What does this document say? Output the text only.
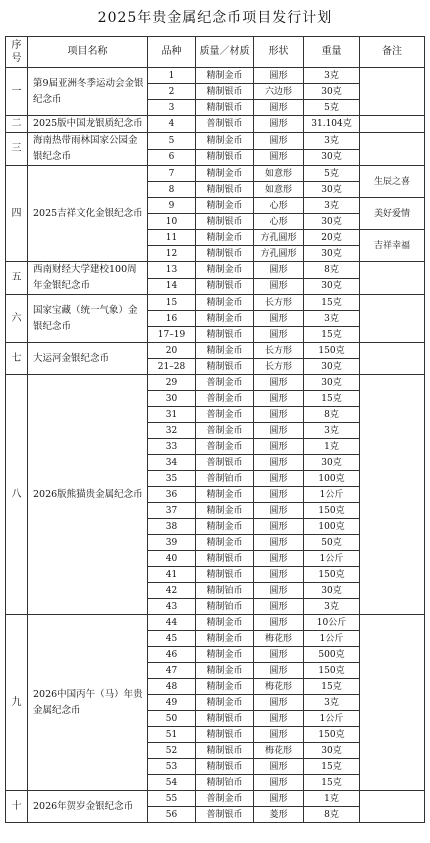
2025年贵金属纪念币项目发行计划
序号	项目名称	品种	质量／材质	形状	重量	备注
一	第9届亚洲冬季运动会金银纪念币	1	精制金币	圆形	3克	
		2	精制银币	六边形	30克	
		3	精制银币	圆形	5克	
二	2025版中国龙银质纪念币	4	普制银币	圆形	31.104克	
三	海南热带雨林国家公园金银纪念币	5	精制金币	圆形	3克	
		6	精制银币	圆形	30克	
四	2025吉祥文化金银纪念币	7	精制金币	如意形	5克	生辰之喜
		8	精制银币	如意形	30克	
		9	精制金币	心形	3克	美好爱情
		10	精制银币	心形	30克	
		11	精制金币	方孔圆形	20克	吉祥幸福
		12	精制银币	方孔圆形	30克	
五	西南财经大学建校100周年金银纪念币	13	精制金币	圆形	8克	
		14	精制银币	圆形	30克	
六	国家宝藏（统一气象）金银纪念币	15	精制金币	长方形	15克	
		16	精制金币	圆形	3克	
		17–19	精制银币	圆形	15克	
七	大运河金银纪念币	20	精制金币	长方形	150克	
		21–28	精制银币	长方形	30克	
八	2026版熊猫贵金属纪念币	29	普制金币	圆形	30克	
		30	普制金币	圆形	15克	
		31	普制金币	圆形	8克	
		32	普制金币	圆形	3克	
		33	普制金币	圆形	1克	
		34	普制银币	圆形	30克	
		35	普制铂币	圆形	100克	
		36	精制金币	圆形	1公斤	
		37	精制金币	圆形	150克	
		38	精制金币	圆形	100克	
		39	精制金币	圆形	50克	
		40	精制银币	圆形	1公斤	
		41	精制银币	圆形	150克	
		42	精制铂币	圆形	30克	
		43	精制铂币	圆形	3克	
九	2026中国丙午（马）年贵金属纪念币	44	精制金币	圆形	10公斤	
		45	精制金币	梅花形	1公斤	
		46	精制金币	圆形	500克	
		47	精制金币	圆形	150克	
		48	精制金币	梅花形	15克	
		49	精制金币	圆形	3克	
		50	精制银币	圆形	1公斤	
		51	精制银币	圆形	150克	
		52	精制银币	梅花形	30克	
		53	精制银币	圆形	15克	
		54	精制铂币	圆形	15克	
十	2026年贺岁金银纪念币	55	普制金币	圆形	1克	
		56	普制银币	菱形	8克	
